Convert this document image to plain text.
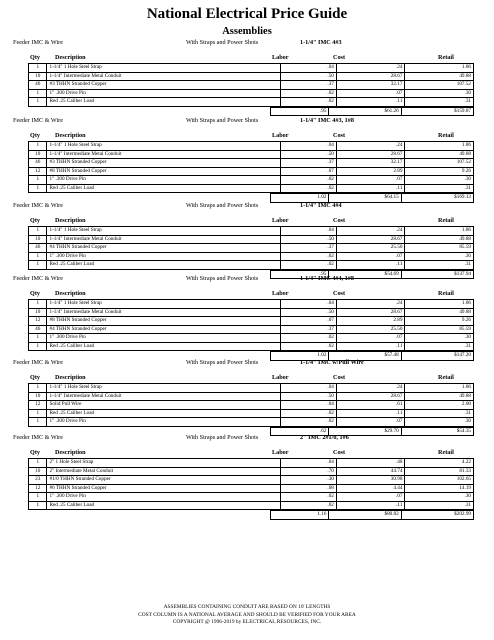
National Electrical Price Guide
Assemblies
Feeder IMC & Wire	With Straps and Power Shots	1-1/4" IMC 4#3
Qty Description	Labor	Cost	Retail
1	1-1/4" 1 Hole Steel Strap	.04	.24	1.86
10	1-1/4" Intermediate Metal Conduit	.50	28.67	49.88
46	#3 THHN Stranded Copper	.37	32.17	107.52
1	1" .300 Drive Pin	.02	.07	.30
1	Red .25 Caliber Load	.02	.11	.31
.95	$61.26	$159.87
Feeder IMC & Wire	With Straps and Power Shots	1-1/4" IMC 4#3, 1#8
Qty Description	Labor	Cost	Retail
1	1-1/4" 1 Hole Steel Strap	.04	.24	1.86
10	1-1/4" Intermediate Metal Conduit	.50	28.67	49.88
46	#3 THHN Stranded Copper	.37	32.17	107.52
12	#8 THHN Stranded Copper	.07	2.89	9.26
1	1" .300 Drive Pin	.02	.07	.30
1	Red .25 Caliber Load	.02	.11	.31
1.02	$64.15	$169.13
Feeder IMC & Wire	With Straps and Power Shots	1-1/4" IMC 4#4
Qty Description	Labor	Cost	Retail
1	1-1/4" 1 Hole Steel Strap	.04	.24	1.86
10	1-1/4" Intermediate Metal Conduit	.50	28.67	49.88
46	#4 THHN Stranded Copper	.37	25.50	85.59
1	1" .300 Drive Pin	.02	.07	.30
1	Red .25 Caliber Load	.02	.11	.31
.95	$54.69	$137.94
Feeder IMC & Wire	With Straps and Power Shots	1-1/4" IMC 4#4, 1#8
Qty Description	Labor	Cost	Retail
1	1-1/4" 1 Hole Steel Strap	.04	.24	1.86
10	1-1/4" Intermediate Metal Conduit	.50	28.67	49.88
12	#8 THHN Stranded Copper	.07	2.89	9.26
46	#4 THHN Stranded Copper	.37	25.50	85.59
1	1" .300 Drive Pin	.02	.07	.30
1	Red .25 Caliber Load	.02	.11	.31
1.02	$57.48	$147.20
Feeder IMC & Wire	With Straps and Power Shots	1-1/4" IMC w/Pull Wire
Qty Description	Labor	Cost	Retail
1	1-1/4" 1 Hole Steel Strap	.04	.24	1.86
10	1-1/4" Intermediate Metal Conduit	.50	28.67	49.88
12	Solid Pull Wire	.04	.61	2.00
1	Red .25 Caliber Load	.02	.11	.31
1	1" .300 Drive Pin	.02	.07	.30
.62	$29.70	$54.35
Feeder IMC & Wire	With Straps and Power Shots	2" IMC 2#1/0, 1#6
Qty Description	Labor	Cost	Retail
1	2" 1 Hole Steel Strap	.04	.48	4.22
10	2" Intermediate Metal Conduit	.70	44.74	81.33
23	#1/0 THHN Stranded Copper	.30	30.98	102.65
12	#6 THHN Stranded Copper	.08	4.44	14.19
1	1" .300 Drive Pin	.02	.07	.30
1	Red .25 Caliber Load	.02	.11	.31
1.16	$80.82	$202.99
ASSEMBLIES CONTAINING CONDUIT ARE BASED ON 10' LENGTHS
COST COLUMN IS A NATIONAL AVERAGE AND SHOULD BE VERIFIED FOR YOUR AREA
COPYRIGHT @ 1996-2019 by ELECTRICAL RESOURCES, INC.
